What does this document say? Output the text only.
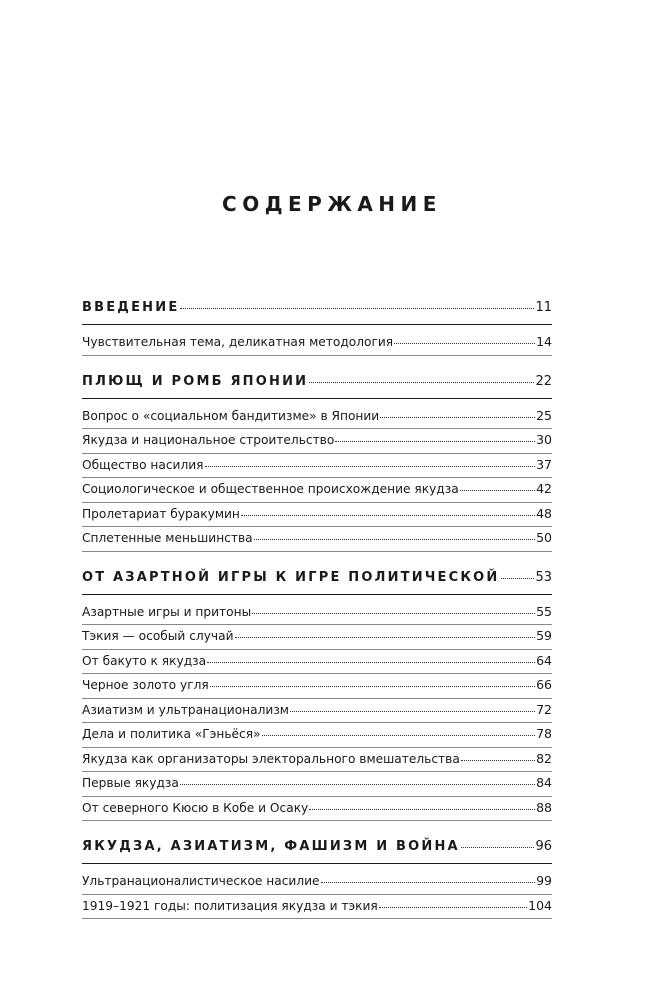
СОДЕРЖАНИЕ
ВВЕДЕНИЕ	11
Чувствительная тема, деликатная методология	14
ПЛЮЩ И РОМБ ЯПОНИИ	22
Вопрос о «социальном бандитизме» в Японии	25
Якудза и национальное строительство	30
Общество насилия	37
Социологическое и общественное происхождение якудза	42
Пролетариат буракумин	48
Сплетенные меньшинства	50
ОТ АЗАРТНОЙ ИГРЫ К ИГРЕ ПОЛИТИЧЕСКОЙ	53
Азартные игры и притоны	55
Тэкия — особый случай	59
От бакуто к якудза	64
Черное золото угля	66
Азиатизм и ультранационализм	72
Дела и политика «Гэньёся»	78
Якудза как организаторы электорального вмешательства	82
Первые якудза	84
От северного Кюсю в Кобе и Осаку	88
ЯКУДЗА, АЗИАТИЗМ, ФАШИЗМ И ВОЙНА	96
Ультранационалистическое насилие	99
1919–1921 годы: политизация якудза и тэкия	104
